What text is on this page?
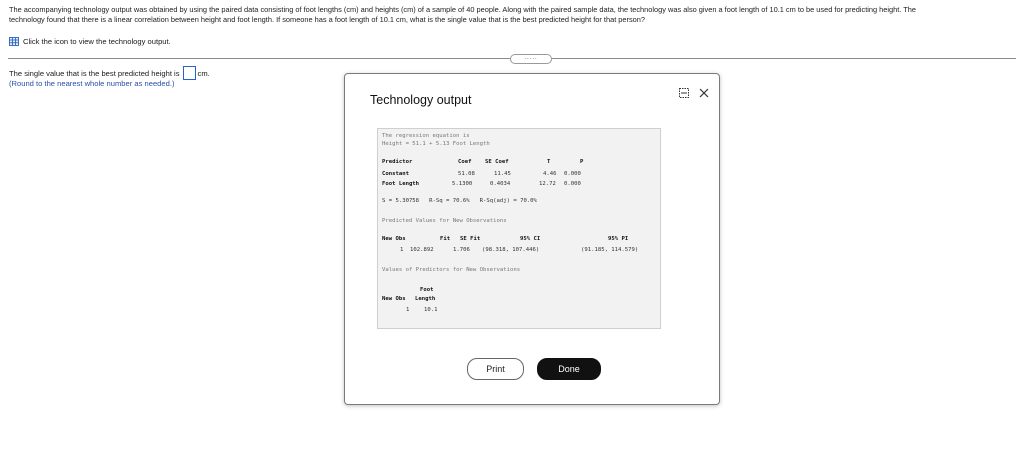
The accompanying technology output was obtained by using the paired data consisting of foot lengths (cm) and heights (cm) of a sample of 40 people. Along with the paired sample data, the technology was also given a foot length of 10.1 cm to be used for predicting height. The
technology found that there is a linear correlation between height and foot length. If someone has a foot length of 10.1 cm, what is the single value that is the best predicted height for that person?
Click the icon to view the technology output.
.....
The single value that is the best predicted height is cm.
(Round to the nearest whole number as needed.)
Technology output
The regression equation is
Height = 51.1 + 5.13 Foot Length
Predictor	Coef SE Coef	T	P
Constant	51.08	11.45	4.46 0.000
Foot Length	5.1300	0.4034	12.72 0.000
S = 5.30758   R-Sq = 70.6%   R-Sq(adj) = 70.0%
Predicted Values for New Observations
New Obs	Fit SE Fit	95% CI	95% PI
1 102.892	1.706 (98.318, 107.446)	(91.185, 114.579)
Values of Predictors for New Observations
Foot
New Obs Length
1	10.1
Print	Done
